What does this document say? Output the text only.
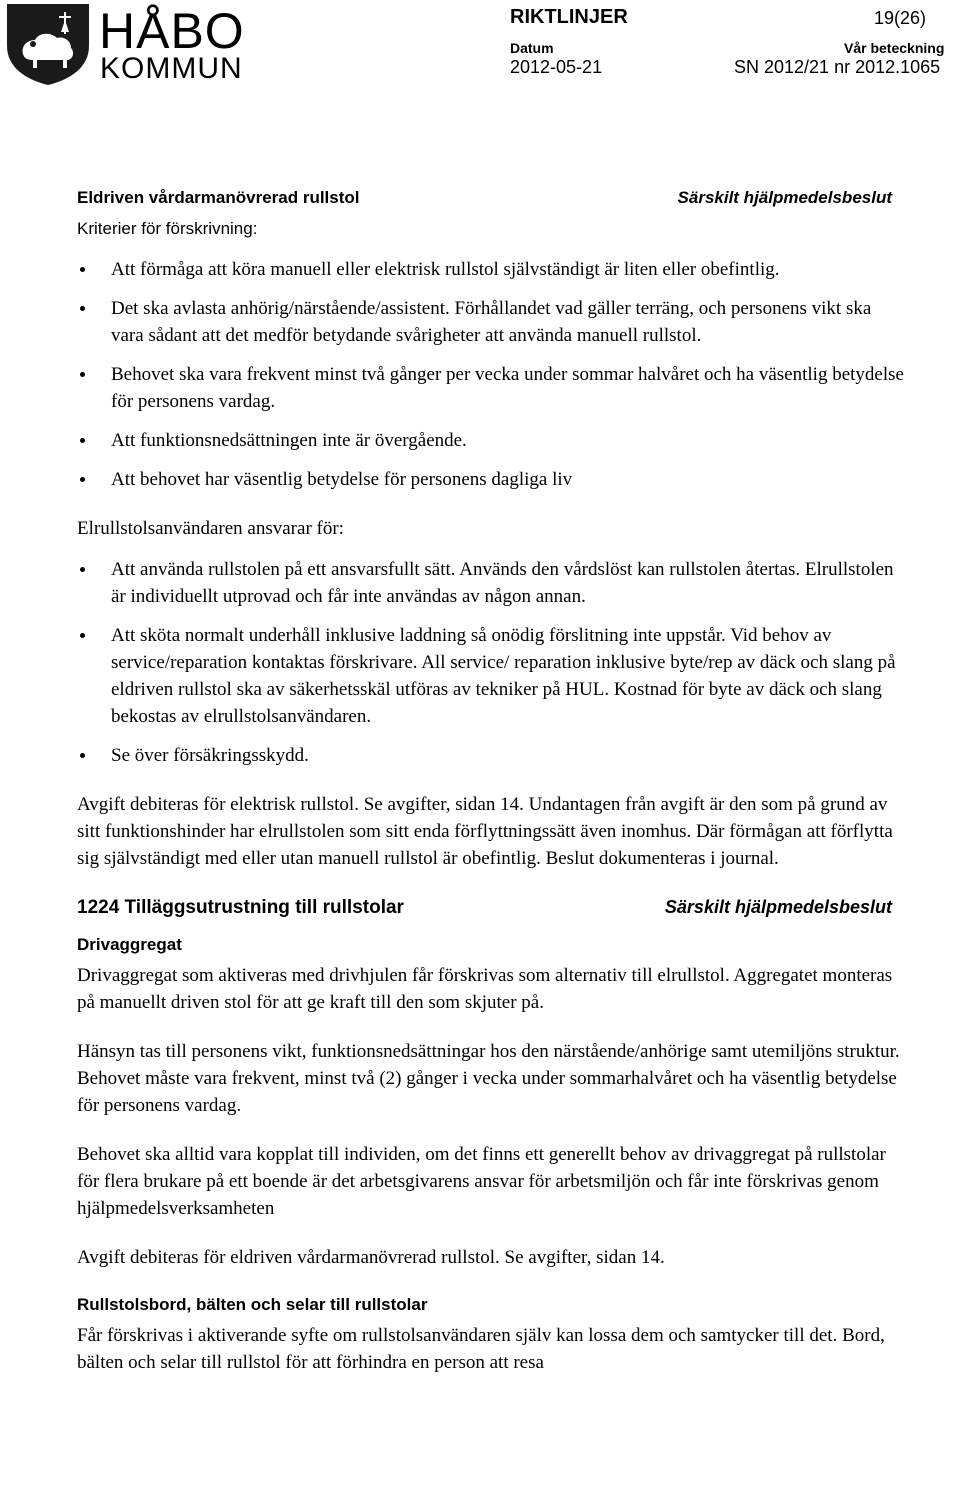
HÅBO
KOMMUN
RIKTLINJER	19(26)
Datum	Vår beteckning
2012-05-21	SN 2012/21 nr 2012.1065
Eldriven vårdarmanövrerad rullstol	Särskilt hjälpmedelsbeslut
Kriterier för förskrivning:
Att förmåga att köra manuell eller elektrisk rullstol självständigt är liten eller obefintlig.
Det ska avlasta anhörig/närstående/assistent. Förhållandet vad gäller terräng, och personens vikt ska vara sådant att det medför betydande svårigheter att använda manuell rullstol.
Behovet ska vara frekvent minst två gånger per vecka under sommar halvåret och ha väsentlig betydelse för personens vardag.
Att funktionsnedsättningen inte är övergående.
Att behovet har väsentlig betydelse för personens dagliga liv

Elrullstolsanvändaren ansvarar för:

Att använda rullstolen på ett ansvarsfullt sätt. Används den vårdslöst kan rullstolen återtas. Elrullstolen är individuellt utprovad och får inte användas av någon annan.
Att sköta normalt underhåll inklusive laddning så onödig förslitning inte uppstår. Vid behov av service/reparation kontaktas förskrivare. All service/ reparation inklusive byte/rep av däck och slang på eldriven rullstol ska av säkerhetsskäl utföras av tekniker på HUL. Kostnad för byte av däck och slang bekostas av elrullstolsanvändaren.
Se över försäkringsskydd.

Avgift debiteras för elektrisk rullstol. Se avgifter, sidan 14. Undantagen från avgift är den som på grund av sitt funktionshinder har elrullstolen som sitt enda förflyttningssätt även inomhus. Där förmågan att förflytta sig självständigt med eller utan manuell rullstol är obefintlig. Beslut dokumenteras i journal.

1224 Tilläggsutrustning till rullstolar	Särskilt hjälpmedelsbeslut
Drivaggregat

Drivaggregat som aktiveras med drivhjulen får förskrivas som alternativ till elrullstol. Aggregatet monteras på manuellt driven stol för att ge kraft till den som skjuter på.

Hänsyn tas till personens vikt, funktionsnedsättningar hos den närstående/anhörige samt utemiljöns struktur. Behovet måste vara frekvent, minst två (2) gånger i vecka under sommarhalvåret och ha väsentlig betydelse för personens vardag.

Behovet ska alltid vara kopplat till individen, om det finns ett generellt behov av drivaggregat på rullstolar för flera brukare på ett boende är det arbetsgivarens ansvar för arbetsmiljön och får inte förskrivas genom hjälpmedelsverksamheten

Avgift debiteras för eldriven vårdarmanövrerad rullstol. Se avgifter, sidan 14.

Rullstolsbord, bälten och selar till rullstolar

Får förskrivas i aktiverande syfte om rullstolsanvändaren själv kan lossa dem och samtycker till det. Bord, bälten och selar till rullstol för att förhindra en person att resa
